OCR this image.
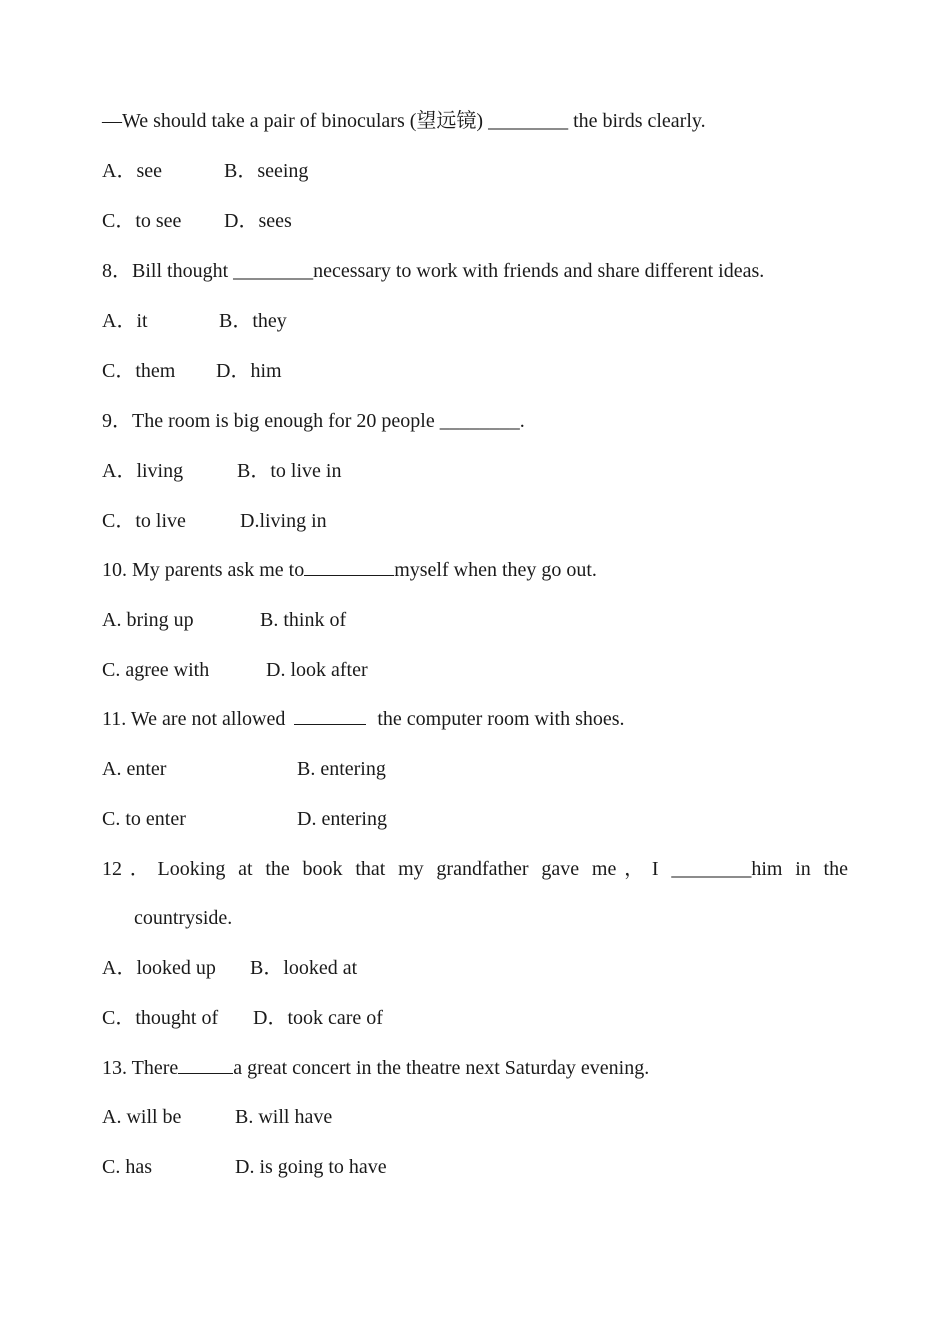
—We should take a pair of binoculars (望远镜) ________ the birds clearly.
A．see	B．seeing
C．to see D．sees
8．Bill thought ________necessary to work with friends and share different ideas.
A．it	B．they
C．them D．him
9．The room is big enough for 20 people ________.
A．living	B．to live in
C．to live	D.living in
10. My parents ask me to	myself when they go out.
A. bring up	B. think of
C. agree with	D. look after
11. We are not allowed	the computer room with shoes.
A. enter	B. entering
C. to enter	D. entering
12．Looking at the book that my grandfather gave me，I ________him in the
countryside.
A．looked up B．looked at
C．thought of D．took care of
13. There	a great concert in the theatre next Saturday evening.
A. will be	B. will have
C. has	D. is going to have
